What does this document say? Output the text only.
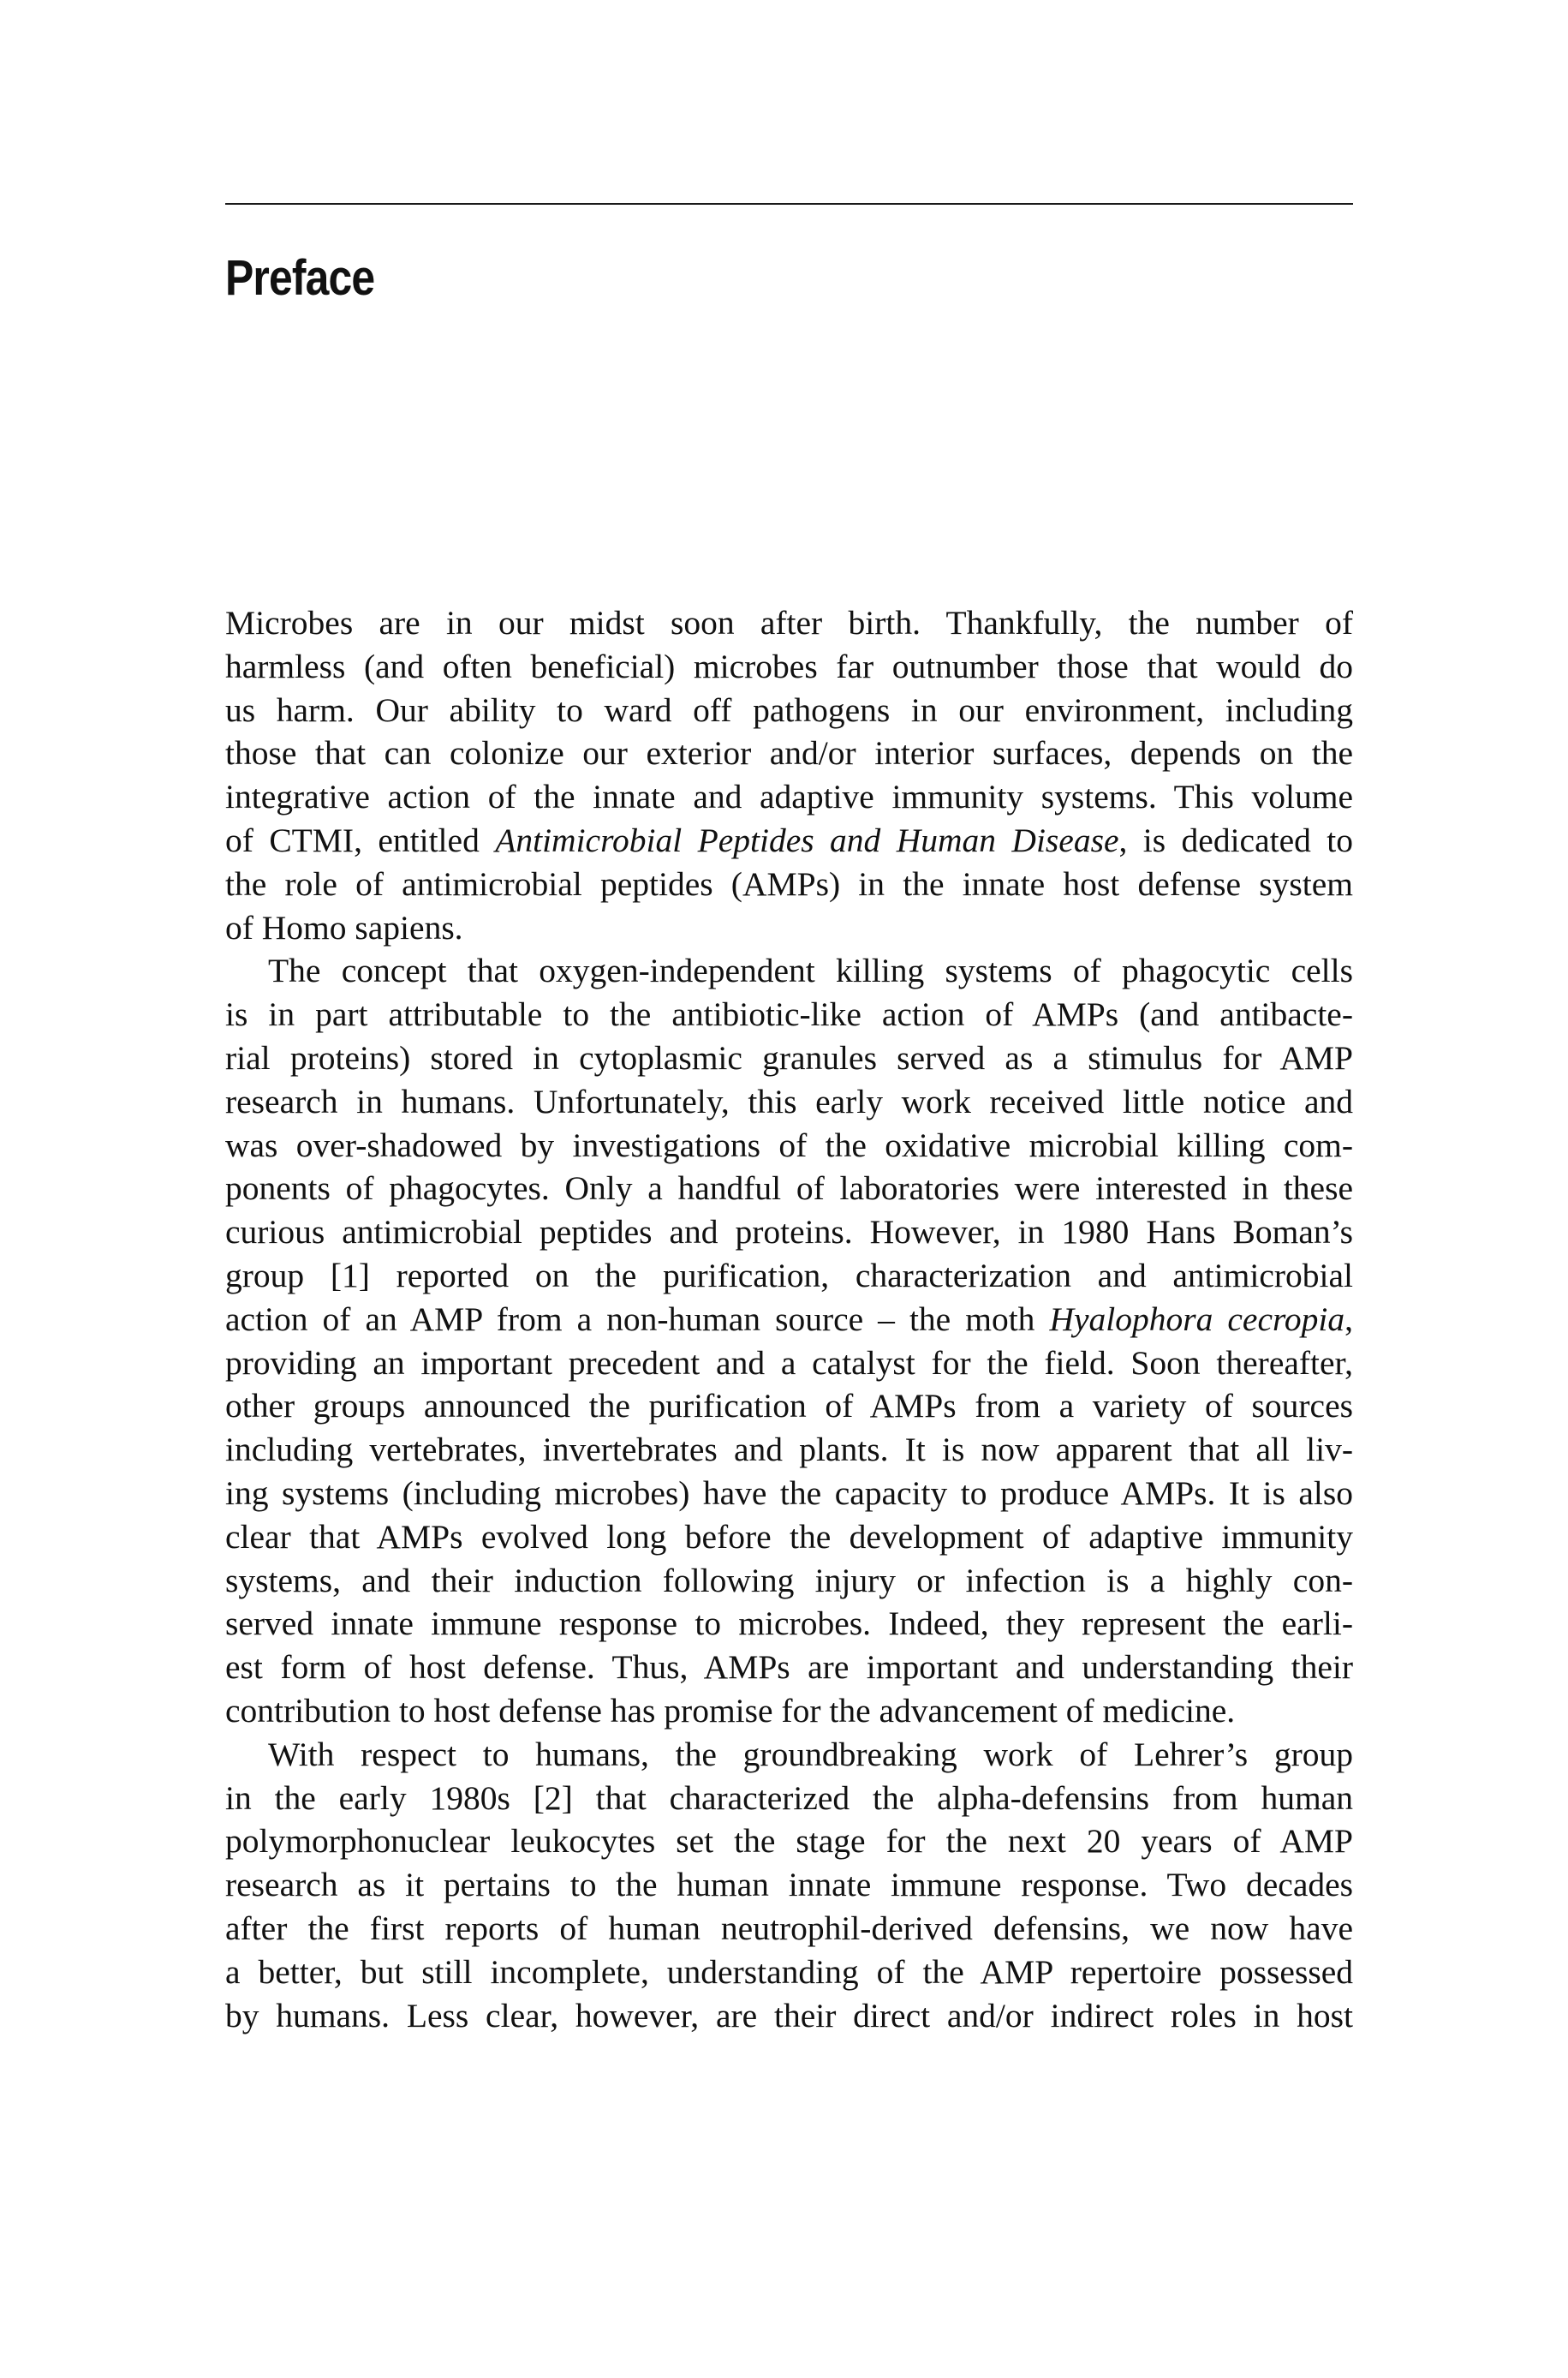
Preface
Microbes are in our midst soon after birth. Thankfully, the number of
harmless (and often beneficial) microbes far outnumber those that would do
us harm. Our ability to ward off pathogens in our environment, including
those that can colonize our exterior and/or interior surfaces, depends on the
integrative action of the innate and adaptive immunity systems. This volume
of CTMI, entitled Antimicrobial Peptides and Human Disease, is dedicated to
the role of antimicrobial peptides (AMPs) in the innate host defense system
of Homo sapiens.
The concept that oxygen-independent killing systems of phagocytic cells
is in part attributable to the antibiotic-like action of AMPs (and antibacte-
rial proteins) stored in cytoplasmic granules served as a stimulus for AMP
research in humans. Unfortunately, this early work received little notice and
was over-shadowed by investigations of the oxidative microbial killing com-
ponents of phagocytes. Only a handful of laboratories were interested in these
curious antimicrobial peptides and proteins. However, in 1980 Hans Boman’s
group [1] reported on the purification, characterization and antimicrobial
action of an AMP from a non-human source – the moth Hyalophora cecropia,
providing an important precedent and a catalyst for the field. Soon thereafter,
other groups announced the purification of AMPs from a variety of sources
including vertebrates, invertebrates and plants. It is now apparent that all liv-
ing systems (including microbes) have the capacity to produce AMPs. It is also
clear that AMPs evolved long before the development of adaptive immunity
systems, and their induction following injury or infection is a highly con-
served innate immune response to microbes. Indeed, they represent the earli-
est form of host defense. Thus, AMPs are important and understanding their
contribution to host defense has promise for the advancement of medicine.
With respect to humans, the groundbreaking work of Lehrer’s group
in the early 1980s [2] that characterized the alpha-defensins from human
polymorphonuclear leukocytes set the stage for the next 20 years of AMP
research as it pertains to the human innate immune response. Two decades
after the first reports of human neutrophil-derived defensins, we now have
a better, but still incomplete, understanding of the AMP repertoire possessed
by humans. Less clear, however, are their direct and/or indirect roles in host
